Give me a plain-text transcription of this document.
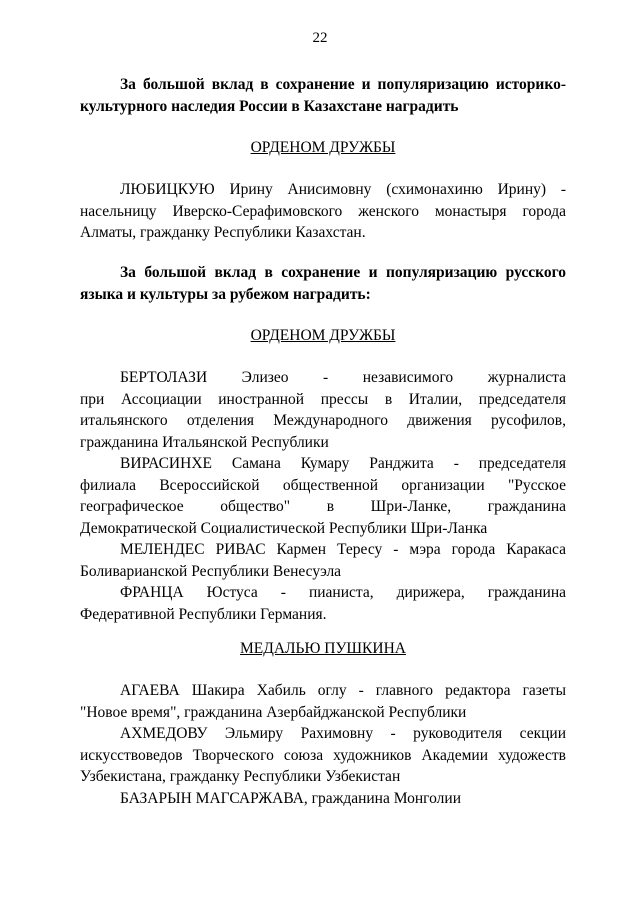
22

За большой вклад в сохранение и популяризацию историко-

культурного наследия России в Казахстане наградить

ОРДЕНОМ ДРУЖБЫ

ЛЮБИЦКУЮ Ирину Анисимовну (схимонахиню Ирину) -

насельницу Иверско-Серафимовского женского монастыря города

Алматы, гражданку Республики Казахстан.

За большой вклад в сохранение и популяризацию русского

языка и культуры за рубежом наградить:

ОРДЕНОМ ДРУЖБЫ

БЕРТОЛАЗИ Элизео - независимого журналиста

при Ассоциации иностранной прессы в Италии, председателя

итальянского отделения Международного движения русофилов,

гражданина Итальянской Республики

ВИРАСИНХЕ Самана Кумару Ранджита - председателя

филиала Всероссийской общественной организации "Русское

географическое общество" в Шри-Ланке, гражданина

Демократической Социалистической Республики Шри-Ланка

МЕЛЕНДЕС РИВАС Кармен Тересу - мэра города Каракаса

Боливарианской Республики Венесуэла

ФРАНЦА Юстуса - пианиста, дирижера, гражданина

Федеративной Республики Германия.

МЕДАЛЬЮ ПУШКИНА

АГАЕВА Шакира Хабиль оглу - главного редактора газеты

"Новое время", гражданина Азербайджанской Республики

АХМЕДОВУ Эльмиру Рахимовну - руководителя секции

искусствоведов Творческого союза художников Академии художеств

Узбекистана, гражданку Республики Узбекистан

БАЗАРЫН МАГСАРЖАВА, гражданина Монголии
